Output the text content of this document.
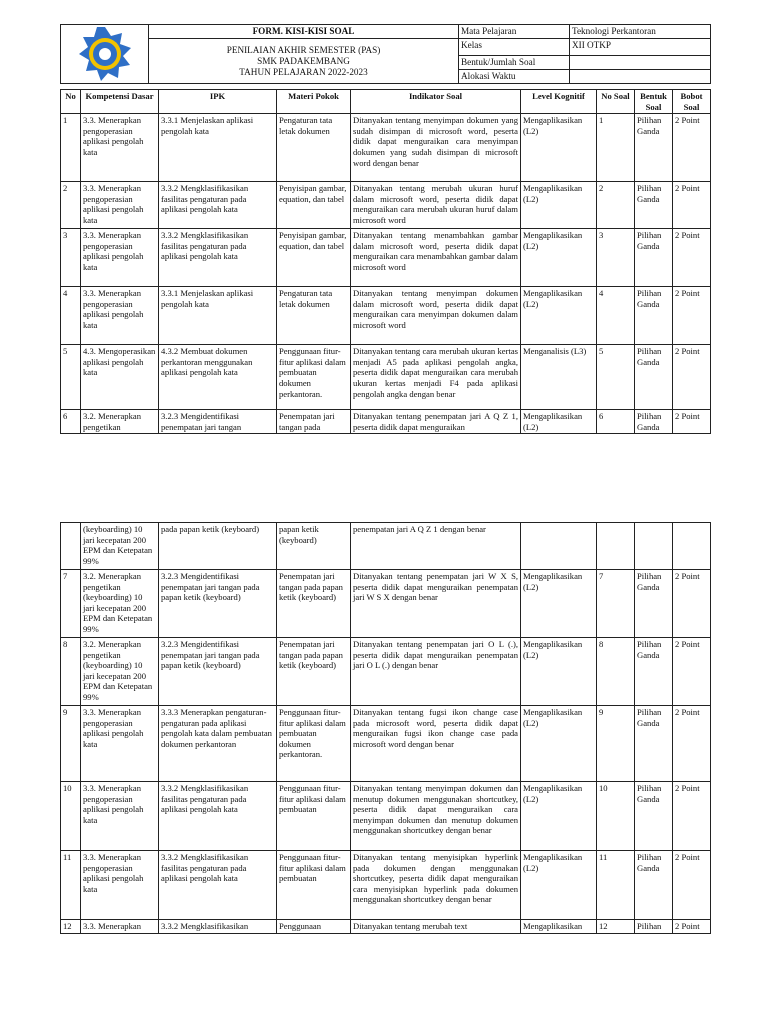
	FORM. KISI-KISI SOAL	Mata Pelajaran	Teknologi Perkantoran

	PENILAIAN AKHIR SEMESTER (PAS)
SMK PADAKEMBANG
TAHUN PELAJARAN 2022-2023	Kelas	XII OTKP
		Bentuk/Jumlah Soal	
		Alokasi Waktu	
No	Kompetensi Dasar	IPK	Materi Pokok	Indikator Soal	Level Kognitif	No Soal	Bentuk Soal	Bobot Soal
1	3.3. Menerapkan pengoperasian aplikasi pengolah kata	3.3.1 Menjelaskan aplikasi pengolah kata	Pengaturan tata letak dokumen	Ditanyakan tentang menyimpan dokumen yang sudah disimpan di microsoft word, peserta didik dapat menguraikan cara menyimpan dokumen yang sudah disimpan di microsoft word dengan benar	Mengaplikasikan (L2)	1	Pilihan Ganda	2 Point
2	3.3. Menerapkan pengoperasian aplikasi pengolah kata	3.3.2 Mengklasifikasikan fasilitas pengaturan pada aplikasi pengolah kata	Penyisipan gambar, equation, dan tabel	Ditanyakan tentang merubah ukuran huruf dalam microsoft word, peserta didik dapat menguraikan cara merubah ukuran huruf dalam microsoft word	Mengaplikasikan (L2)	2	Pilihan Ganda	2 Point
3	3.3. Menerapkan pengoperasian aplikasi pengolah kata	3.3.2 Mengklasifikasikan fasilitas pengaturan pada aplikasi pengolah kata	Penyisipan gambar, equation, dan tabel	Ditanyakan tentang menambahkan gambar dalam microsoft word, peserta didik dapat menguraikan cara menambahkan gambar dalam microsoft word	Mengaplikasikan (L2)	3	Pilihan Ganda	2 Point
4	3.3. Menerapkan pengoperasian aplikasi pengolah kata	3.3.1 Menjelaskan aplikasi pengolah kata	Pengaturan tata letak dokumen	Ditanyakan tentang menyimpan dokumen dalam microsoft word, peserta didik dapat menguraikan cara menyimpan dokumen dalam microsoft word	Mengaplikasikan (L2)	4	Pilihan Ganda	2 Point
5	4.3. Mengoperasikan aplikasi pengolah kata	4.3.2 Membuat dokumen perkantoran menggunakan aplikasi pengolah kata	Penggunaan fitur-fitur aplikasi dalam pembuatan dokumen perkantoran.	Ditanyakan tentang cara merubah ukuran kertas menjadi A5 pada aplikasi pengolah angka, peserta didik dapat menguraikan cara merubah ukuran kertas menjadi F4 pada aplikasi pengolah angka dengan benar	Menganalisis (L3)	5	Pilihan Ganda	2 Point
6	3.2. Menerapkan pengetikan	3.2.3 Mengidentifikasi penempatan jari tangan	Penempatan jari tangan pada	Ditanyakan tentang penempatan jari A Q Z 1, peserta didik dapat menguraikan	Mengaplikasikan (L2)	6	Pilihan Ganda	2 Point
	(keyboarding) 10 jari kecepatan 200 EPM dan Ketepatan 99%	pada papan ketik (keyboard)	papan ketik (keyboard)	penempatan jari A Q Z 1 dengan benar				
7	3.2. Menerapkan pengetikan (keyboarding) 10 jari kecepatan 200 EPM dan Ketepatan 99%	3.2.3 Mengidentifikasi penempatan jari tangan pada papan ketik (keyboard)	Penempatan jari tangan pada papan ketik (keyboard)	Ditanyakan tentang penempatan jari W X S, peserta didik dapat menguraikan penempatan jari W S X dengan benar	Mengaplikasikan (L2)	7	Pilihan Ganda	2 Point
8	3.2. Menerapkan pengetikan (keyboarding) 10 jari kecepatan 200 EPM dan Ketepatan 99%	3.2.3 Mengidentifikasi penempatan jari tangan pada papan ketik (keyboard)	Penempatan jari tangan pada papan ketik (keyboard)	Ditanyakan tentang penempatan jari O L (.), peserta didik dapat menguraikan penempatan jari O L (.) dengan benar	Mengaplikasikan (L2)	8	Pilihan Ganda	2 Point
9	3.3. Menerapkan pengoperasian aplikasi pengolah kata	3.3.3 Menerapkan pengaturan-pengaturan pada aplikasi pengolah kata dalam pembuatan dokumen perkantoran	Penggunaan fitur-fitur aplikasi dalam pembuatan dokumen perkantoran.	Ditanyakan tentang fugsi ikon change case pada microsoft word, peserta didik dapat menguraikan fugsi ikon change case pada microsoft word dengan benar	Mengaplikasikan (L2)	9	Pilihan Ganda	2 Point
10	3.3. Menerapkan pengoperasian aplikasi pengolah kata	3.3.2 Mengklasifikasikan fasilitas pengaturan pada aplikasi pengolah kata	Penggunaan fitur-fitur aplikasi dalam pembuatan	Ditanyakan tentang menyimpan dokumen dan menutup dokumen menggunakan shortcutkey, peserta didik dapat menguraikan cara menyimpan dokumen dan menutup dokumen menggunakan shortcutkey dengan benar	Mengaplikasikan (L2)	10	Pilihan Ganda	2 Point
11	3.3. Menerapkan pengoperasian aplikasi pengolah kata	3.3.2 Mengklasifikasikan fasilitas pengaturan pada aplikasi pengolah kata	Penggunaan fitur-fitur aplikasi dalam pembuatan	Ditanyakan tentang menyisipkan hyperlink pada dokumen dengan menggunakan shortcutkey, peserta didik dapat menguraikan cara menyisipkan hyperlink pada dokumen menggunakan shortcutkey dengan benar	Mengaplikasikan (L2)	11	Pilihan Ganda	2 Point
12	3.3. Menerapkan	3.3.2 Mengklasifikasikan	Penggunaan	Ditanyakan tentang merubah text	Mengaplikasikan	12	Pilihan	2 Point
